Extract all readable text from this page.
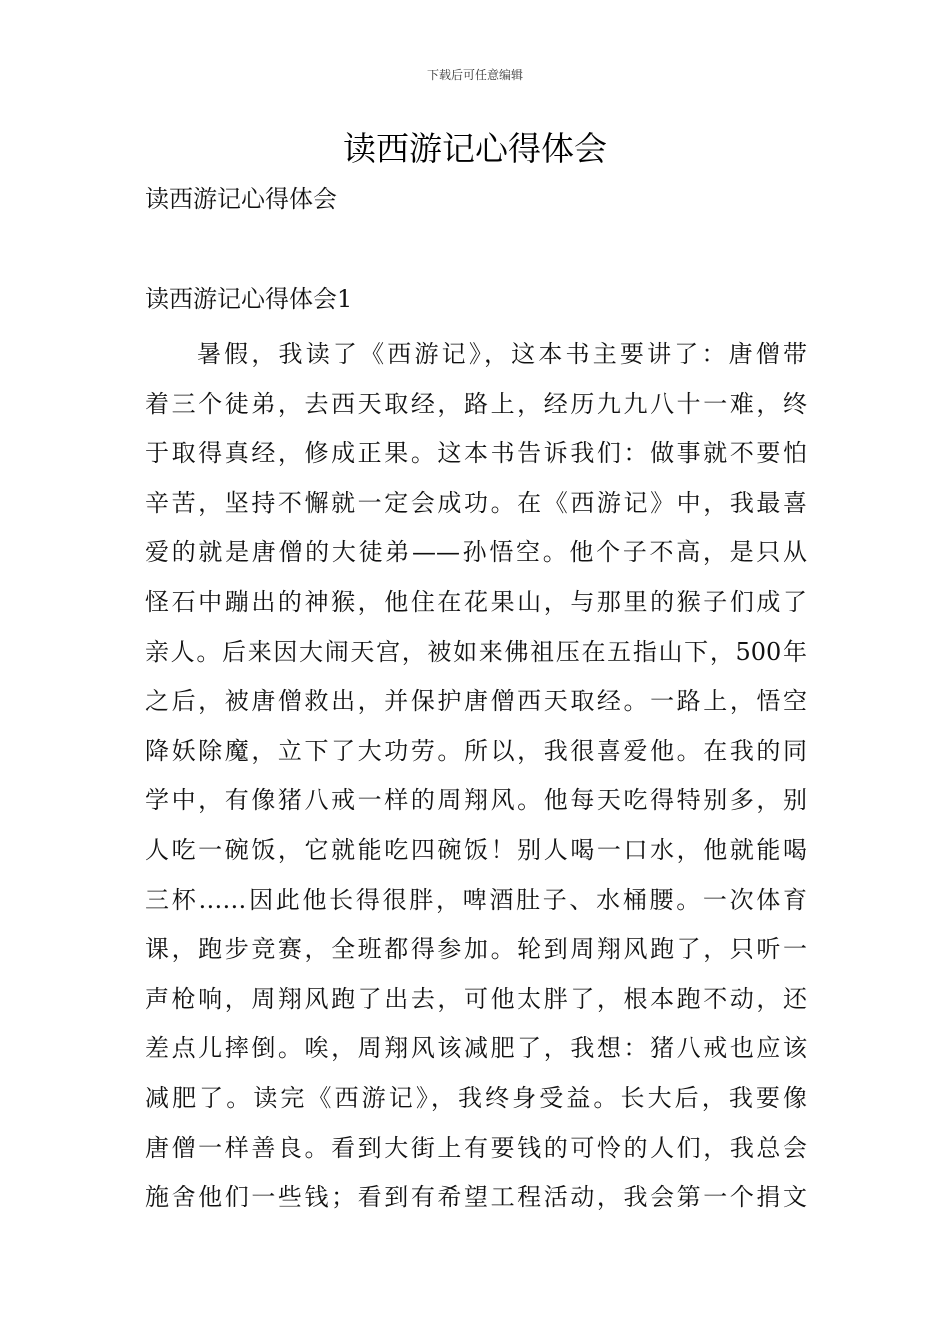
下载后可任意编辑
读西游记心得体会
读西游记心得体会
读西游记心得体会1
暑假，我读了《西游记》，这本书主要讲了：唐僧带
着三个徒弟，去西天取经，路上，经历九九八十一难，终
于取得真经，修成正果。这本书告诉我们：做事就不要怕
辛苦，坚持不懈就一定会成功。在《西游记》中，我最喜
爱的就是唐僧的大徒弟——孙悟空。他个子不高，是只从
怪石中蹦出的神猴，他住在花果山，与那里的猴子们成了
亲人。后来因大闹天宫，被如来佛祖压在五指山下，500年
之后，被唐僧救出，并保护唐僧西天取经。一路上，悟空
降妖除魔，立下了大功劳。所以，我很喜爱他。在我的同
学中，有像猪八戒一样的周翔风。他每天吃得特别多，别
人吃一碗饭，它就能吃四碗饭！别人喝一口水，他就能喝
三杯……因此他长得很胖，啤酒肚子、水桶腰。一次体育
课，跑步竞赛，全班都得参加。轮到周翔风跑了，只听一
声枪响，周翔风跑了出去，可他太胖了，根本跑不动，还
差点儿摔倒。唉，周翔风该减肥了，我想：猪八戒也应该
减肥了。读完《西游记》，我终身受益。长大后，我要像
唐僧一样善良。看到大街上有要钱的可怜的人们，我总会
施舍他们一些钱；看到有希望工程活动，我会第一个捐文
